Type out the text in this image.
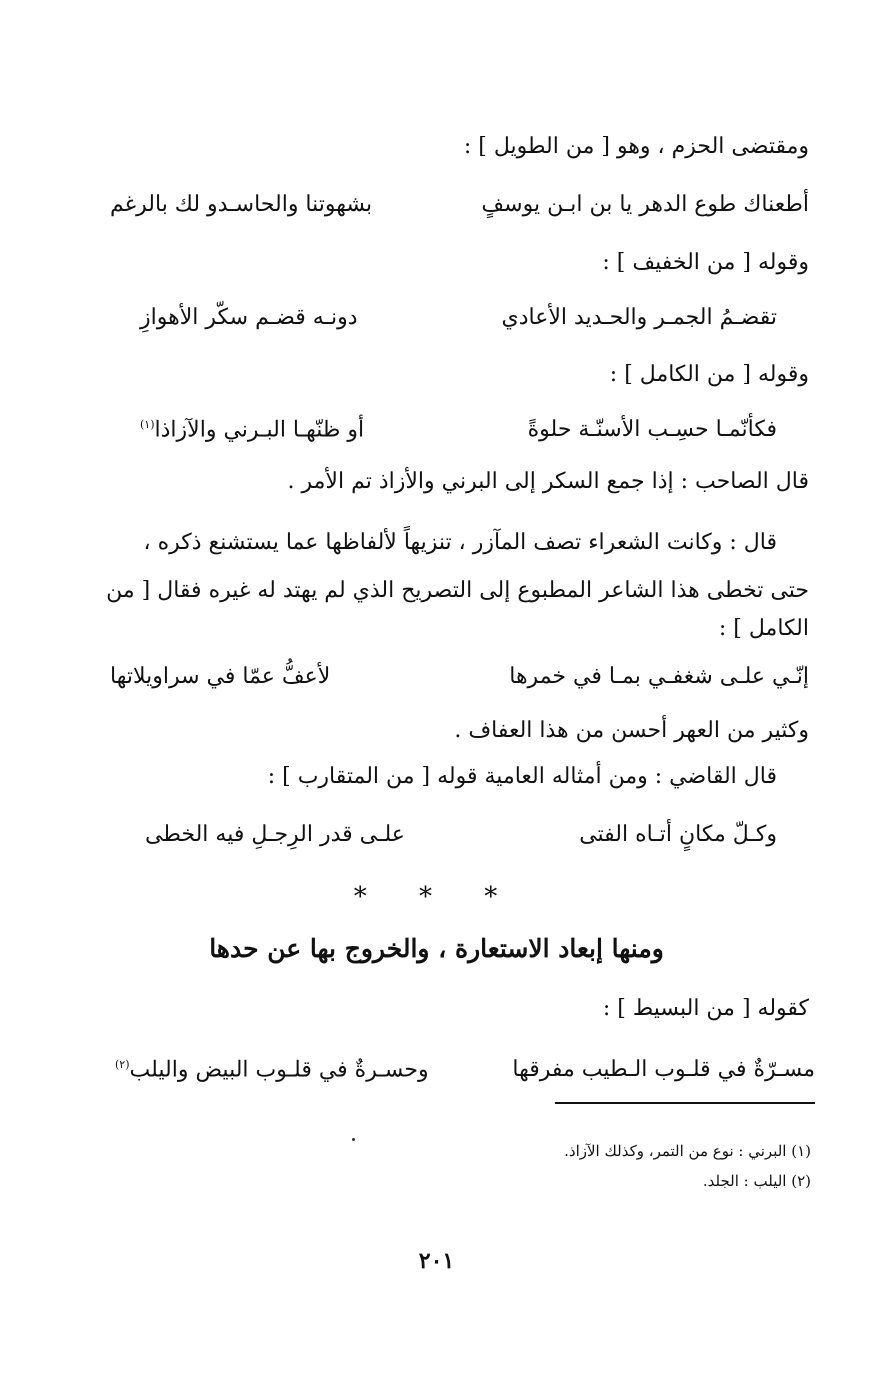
ومقتضى الحزم ، وهو [ من الطويل ] :
أطعناك طوع الدهر يا بن ابـن يوسفٍ
بشهوتنا والحاسـدو لك بالرغم
وقوله [ من الخفيف ] :
تقضـمُ الجمـر والحـديد الأعادي
دونـه قضـم سكّر الأهوازِ
وقوله [ من الكامل ] :
فكأنّمـا حسِـب الأسنّـة حلوةً
أو ظنّهـا البـرني والآزاذا$^{(١)}$
قال الصاحب : إذا جمع السكر إلى البرني والأزاذ تم الأمر .
قال : وكانت الشعراء تصف المآزر ، تنزيهاً لألفاظها عما يستشنع ذكره ،
حتى تخطى هذا الشاعر المطبوع إلى التصريح الذي لم يهتد له غيره فقال [ من
الكامل ] :
إنّـي علـى شغفـي بمـا في خمرها
لأعفُّ عمّا في سراويلاتها
وكثير من العهر أحسن من هذا العفاف .
قال القاضي : ومن أمثاله العامية قوله [ من المتقارب ] :
وكـلّ مكانٍ أتـاه الفتى
علـى قدر الرِجـلِ فيه الخطى
* * *
ومنها إبعاد الاستعارة ، والخروج بها عن حدها
كقوله [ من البسيط ] :
مسـرّةٌ في قلـوب الـطيب مفرقها
وحسـرةٌ في قلـوب البيض واليلب$^{(٢)}$
(١) البرني : نوع من التمر، وكذلك الآزاذ.
(٢) اليلب : الجلد.
٢٠١
